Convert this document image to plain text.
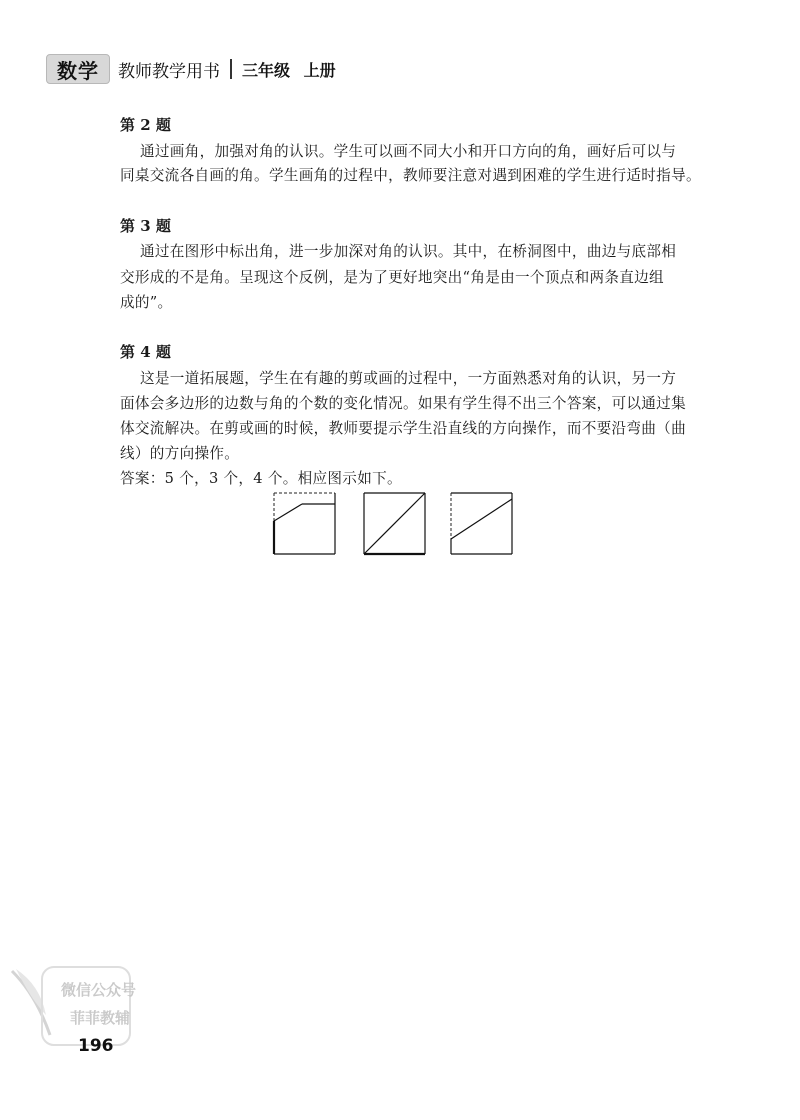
数学	教师教学用书 三年级 上册
第 2 题
通过画角，加强对角的认识。学生可以画不同大小和开口方向的角，画好后可以与
同桌交流各自画的角。学生画角的过程中，教师要注意对遇到困难的学生进行适时指导。
第 3 题
通过在图形中标出角，进一步加深对角的认识。其中，在桥洞图中，曲边与底部相
交形成的不是角。呈现这个反例，是为了更好地突出“角是由一个顶点和两条直边组
成的”。
第 4 题
这是一道拓展题，学生在有趣的剪或画的过程中，一方面熟悉对角的认识，另一方
面体会多边形的边数与角的个数的变化情况。如果有学生得不出三个答案，可以通过集
体交流解决。在剪或画的时候，教师要提示学生沿直线的方向操作，而不要沿弯曲（曲
线）的方向操作。
答案：5 个，3 个，4 个。相应图示如下。
微信公众号
菲菲教辅
196
